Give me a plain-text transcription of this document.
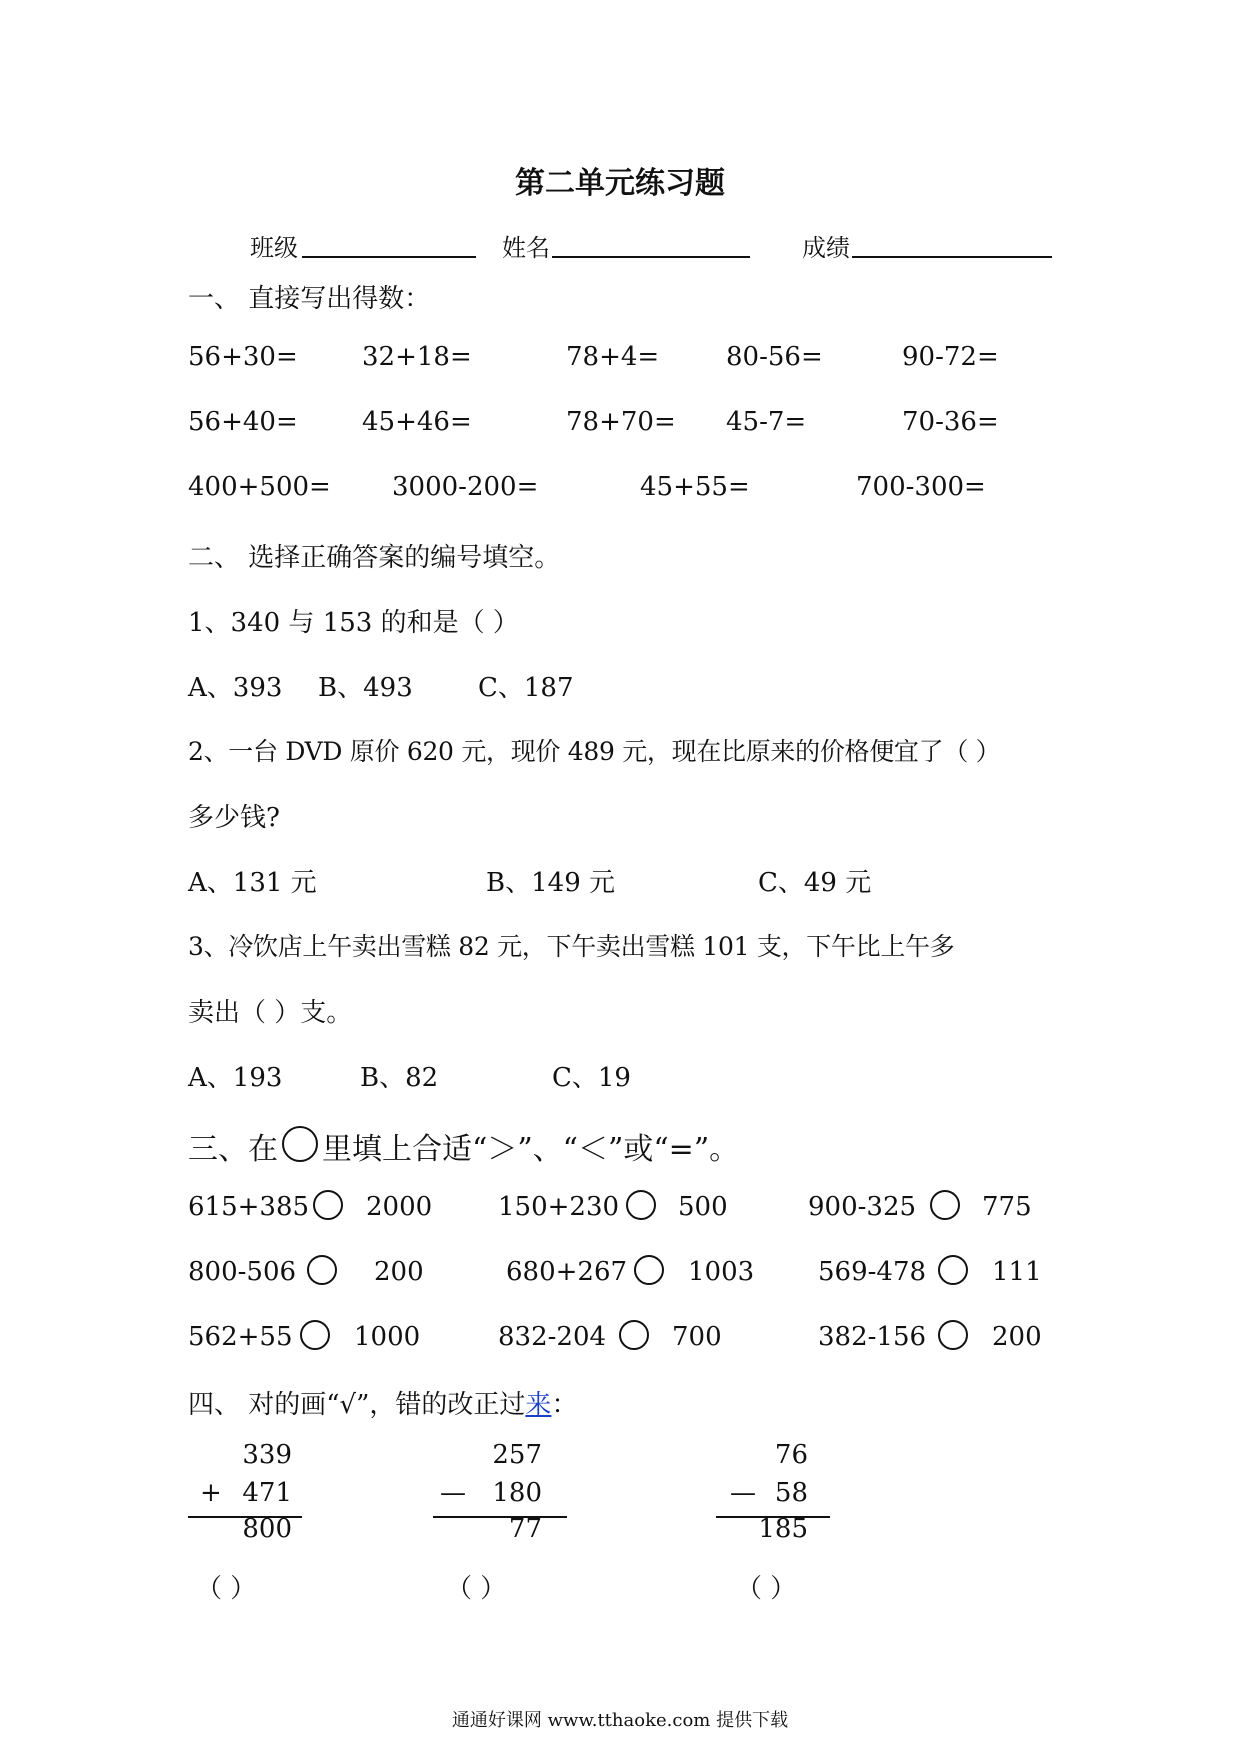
第二单元练习题
班级	姓名	成绩
一、 直接写出得数：
56+30= 32+18=	78+4=	80-56=	90-72=
56+40= 45+46=	78+70= 45-7=	70-36=
400+500= 3000-200=	45+55=	700-300=
二、 选择正确答案的编号填空。
1、340 与 153 的和是（ ）
A、393 B、493	C、187
2、一台 DVD 原价 620 元，现价 489 元，现在比原来的价格便宜了（ ）
多少钱?
A、131 元	B、149 元	C、49 元
3、冷饮店上午卖出雪糕 82 元，下午卖出雪糕 101 支，下午比上午多
卖出（ ）支。
A、193	B、82	C、19
三、在 里填上合适“＞”、“＜”或“=”。
615+385 2000	150+230 500	900-325	775
800-506	200	680+267 1003 569-478	111
562+55 1000	832-204	700	382-156	200
四、 对的画“√”，错的改正过来：
339
+ 471
800
（ ）
257
—	180
77
（ ）
76
— 58
185
（ ）
通通好课网 www.tthaoke.com 提供下载
